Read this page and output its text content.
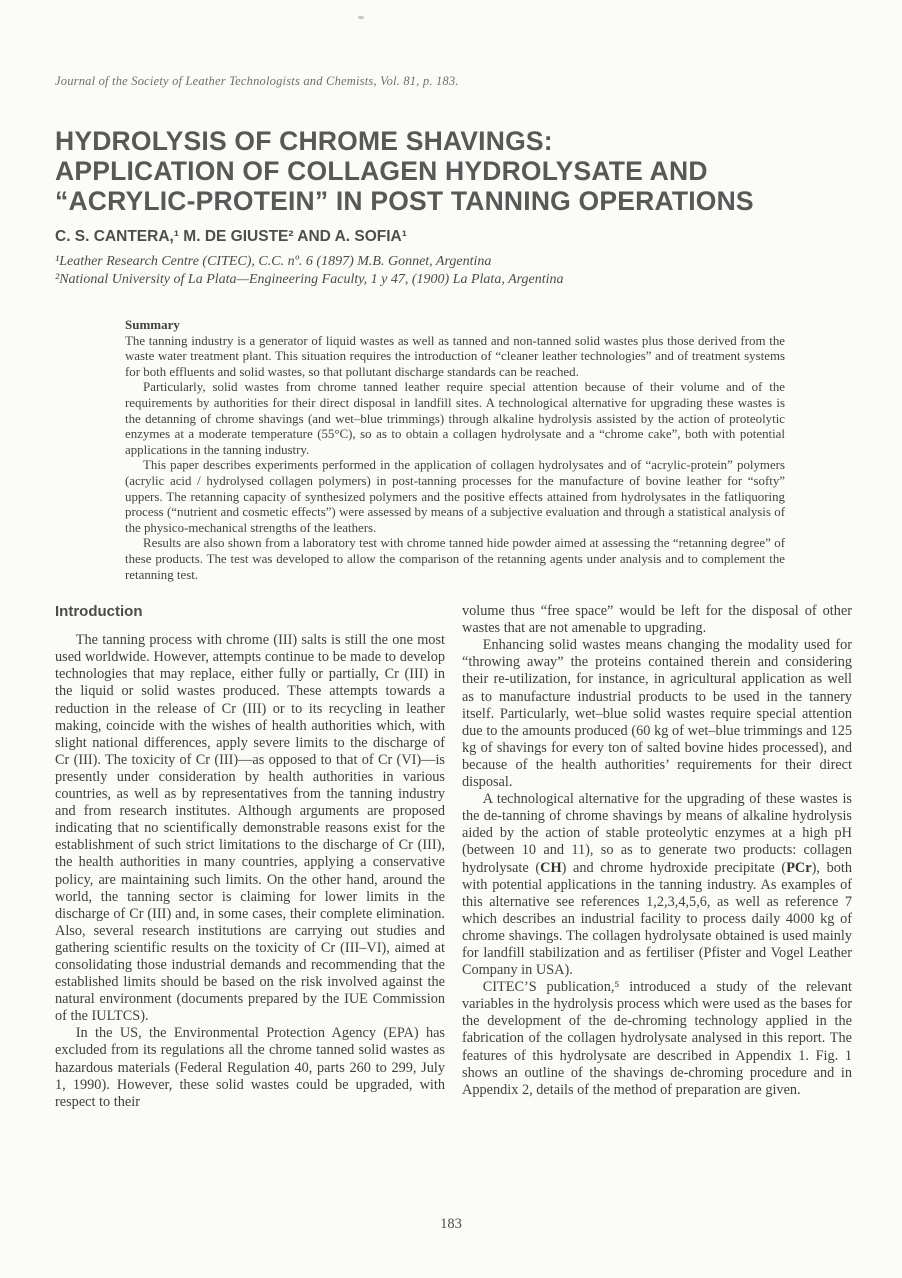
Journal of the Society of Leather Technologists and Chemists, Vol. 81, p. 183.
HYDROLYSIS OF CHROME SHAVINGS:
APPLICATION OF COLLAGEN HYDROLYSATE AND
“ACRYLIC-PROTEIN” IN POST TANNING OPERATIONS
C. S. CANTERA,¹ M. DE GIUSTE² AND A. SOFIA¹
¹Leather Research Centre (CITEC), C.C. nº. 6 (1897) M.B. Gonnet, Argentina
²National University of La Plata—Engineering Faculty, 1 y 47, (1900) La Plata, Argentina
Summary

The tanning industry is a generator of liquid wastes as well as tanned and non-tanned solid wastes plus those derived from the waste water treatment plant. This situation requires the introduction of “cleaner leather technologies” and of treatment systems for both effluents and solid wastes, so that pollutant discharge standards can be reached.

Particularly, solid wastes from chrome tanned leather require special attention because of their volume and of the requirements by authorities for their direct disposal in landfill sites. A technological alternative for upgrading these wastes is the detanning of chrome shavings (and wet–blue trimmings) through alkaline hydrolysis assisted by the action of proteolytic enzymes at a moderate temperature (55°C), so as to obtain a collagen hydrolysate and a “chrome cake”, both with potential applications in the tanning industry.

This paper describes experiments performed in the application of collagen hydrolysates and of “acrylic-protein” polymers (acrylic acid / hydrolysed collagen polymers) in post-tanning processes for the manufacture of bovine leather for “softy” uppers. The retanning capacity of synthesized polymers and the positive effects attained from hydrolysates in the fatliquoring process (“nutrient and cosmetic effects”) were assessed by means of a subjective evaluation and through a statistical analysis of the physico-mechanical strengths of the leathers.

Results are also shown from a laboratory test with chrome tanned hide powder aimed at assessing the “retanning degree” of these products. The test was developed to allow the comparison of the retanning agents under analysis and to complement the retanning test.

Introduction

The tanning process with chrome (III) salts is still the one most used worldwide. However, attempts continue to be made to develop technologies that may replace, either fully or partially, Cr (III) in the liquid or solid wastes produced. These attempts towards a reduction in the release of Cr (III) or to its recycling in leather making, coincide with the wishes of health authorities which, with slight national differences, apply severe limits to the discharge of Cr (III). The toxicity of Cr (III)—as opposed to that of Cr (VI)—is presently under consideration by health authorities in various countries, as well as by representatives from the tanning industry and from research institutes. Although arguments are proposed indicating that no scientifically demonstrable reasons exist for the establishment of such strict limitations to the discharge of Cr (III), the health authorities in many countries, applying a conservative policy, are maintaining such limits. On the other hand, around the world, the tanning sector is claiming for lower limits in the discharge of Cr (III) and, in some cases, their complete elimination. Also, several research institutions are carrying out studies and gathering scientific results on the toxicity of Cr (III–VI), aimed at consolidating those industrial demands and recommending that the established limits should be based on the risk involved against the natural environment (documents prepared by the IUE Commission of the IULTCS).

In the US, the Environmental Protection Agency (EPA) has excluded from its regulations all the chrome tanned solid wastes as hazardous materials (Federal Regulation 40, parts 260 to 299, July 1, 1990). However, these solid wastes could be upgraded, with respect to their

volume thus “free space” would be left for the disposal of other wastes that are not amenable to upgrading.

Enhancing solid wastes means changing the modality used for “throwing away” the proteins contained therein and considering their re-utilization, for instance, in agricultural application as well as to manufacture industrial products to be used in the tannery itself. Particularly, wet–blue solid wastes require special attention due to the amounts produced (60 kg of wet–blue trimmings and 125 kg of shavings for every ton of salted bovine hides processed), and because of the health authorities’ requirements for their direct disposal.

A technological alternative for the upgrading of these wastes is the de-tanning of chrome shavings by means of alkaline hydrolysis aided by the action of stable proteolytic enzymes at a high pH (between 10 and 11), so as to generate two products: collagen hydrolysate (CH) and chrome hydroxide precipitate (PCr), both with potential applications in the tanning industry. As examples of this alternative see references 1,2,3,4,5,6, as well as reference 7 which describes an industrial facility to process daily 4000 kg of chrome shavings. The collagen hydrolysate obtained is used mainly for landfill stabilization and as fertiliser (Pfister and Vogel Leather Company in USA).

CITEC’S publication,⁵ introduced a study of the relevant variables in the hydrolysis process which were used as the bases for the development of the de-chroming technology applied in the fabrication of the collagen hydrolysate analysed in this report. The features of this hydrolysate are described in Appendix 1. Fig. 1 shows an outline of the shavings de-chroming procedure and in Appendix 2, details of the method of preparation are given.

183
